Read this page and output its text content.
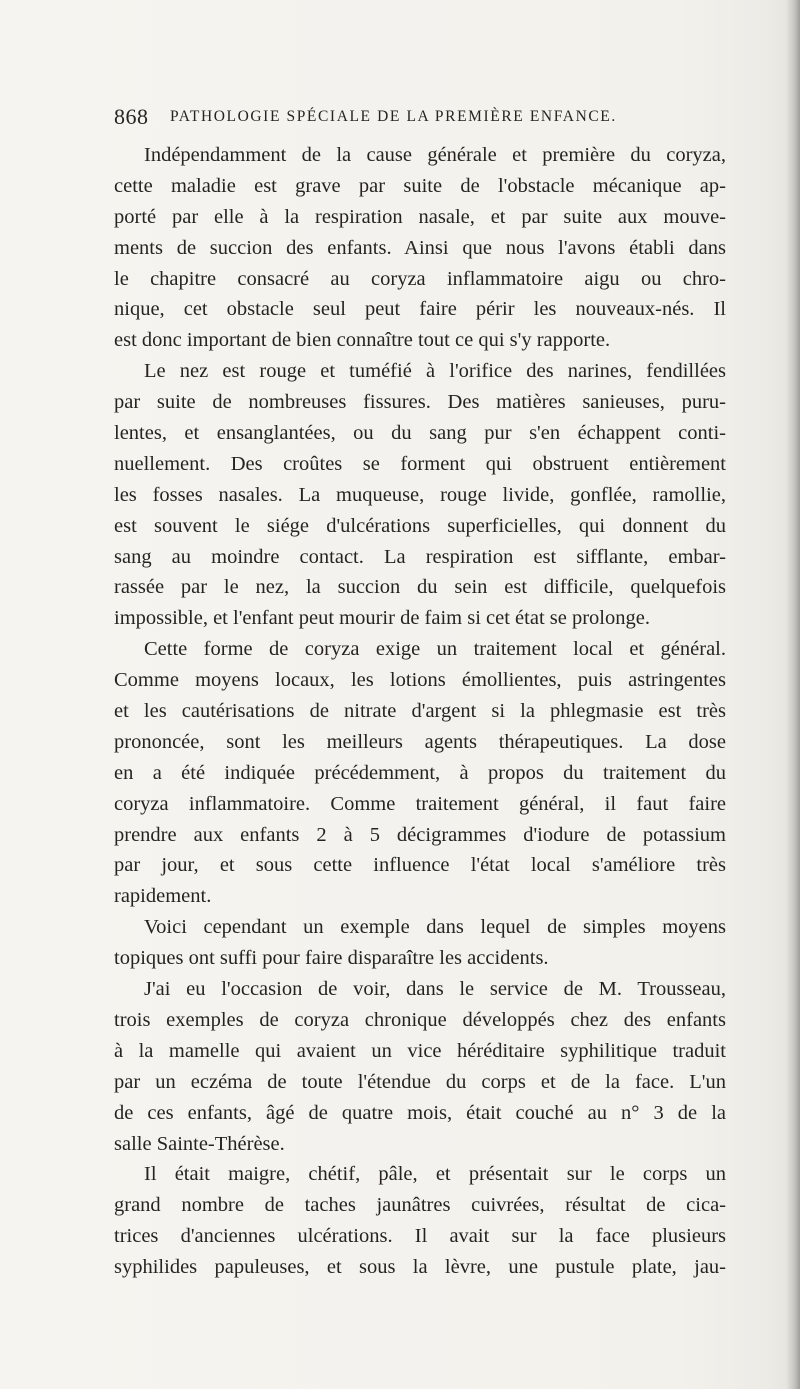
868 PATHOLOGIE SPÉCIALE DE LA PREMIÈRE ENFANCE.
Indépendamment de la cause générale et première du coryza,
cette maladie est grave par suite de l'obstacle mécanique ap-
porté par elle à la respiration nasale, et par suite aux mouve-
ments de succion des enfants. Ainsi que nous l'avons établi dans
le chapitre consacré au coryza inflammatoire aigu ou chro-
nique, cet obstacle seul peut faire périr les nouveaux-nés. Il
est donc important de bien connaître tout ce qui s'y rapporte.
Le nez est rouge et tuméfié à l'orifice des narines, fendillées
par suite de nombreuses fissures. Des matières sanieuses, puru-
lentes, et ensanglantées, ou du sang pur s'en échappent conti-
nuellement. Des croûtes se forment qui obstruent entièrement
les fosses nasales. La muqueuse, rouge livide, gonflée, ramollie,
est souvent le siége d'ulcérations superficielles, qui donnent du
sang au moindre contact. La respiration est sifflante, embar-
rassée par le nez, la succion du sein est difficile, quelquefois
impossible, et l'enfant peut mourir de faim si cet état se prolonge.
Cette forme de coryza exige un traitement local et général.
Comme moyens locaux, les lotions émollientes, puis astringentes
et les cautérisations de nitrate d'argent si la phlegmasie est très
prononcée, sont les meilleurs agents thérapeutiques. La dose
en a été indiquée précédemment, à propos du traitement du
coryza inflammatoire. Comme traitement général, il faut faire
prendre aux enfants 2 à 5 décigrammes d'iodure de potassium
par jour, et sous cette influence l'état local s'améliore très
rapidement.
Voici cependant un exemple dans lequel de simples moyens
topiques ont suffi pour faire disparaître les accidents.
J'ai eu l'occasion de voir, dans le service de M. Trousseau,
trois exemples de coryza chronique développés chez des enfants
à la mamelle qui avaient un vice héréditaire syphilitique traduit
par un eczéma de toute l'étendue du corps et de la face. L'un
de ces enfants, âgé de quatre mois, était couché au n° 3 de la
salle Sainte-Thérèse.
Il était maigre, chétif, pâle, et présentait sur le corps un
grand nombre de taches jaunâtres cuivrées, résultat de cica-
trices d'anciennes ulcérations. Il avait sur la face plusieurs
syphilides papuleuses, et sous la lèvre, une pustule plate, jau-
